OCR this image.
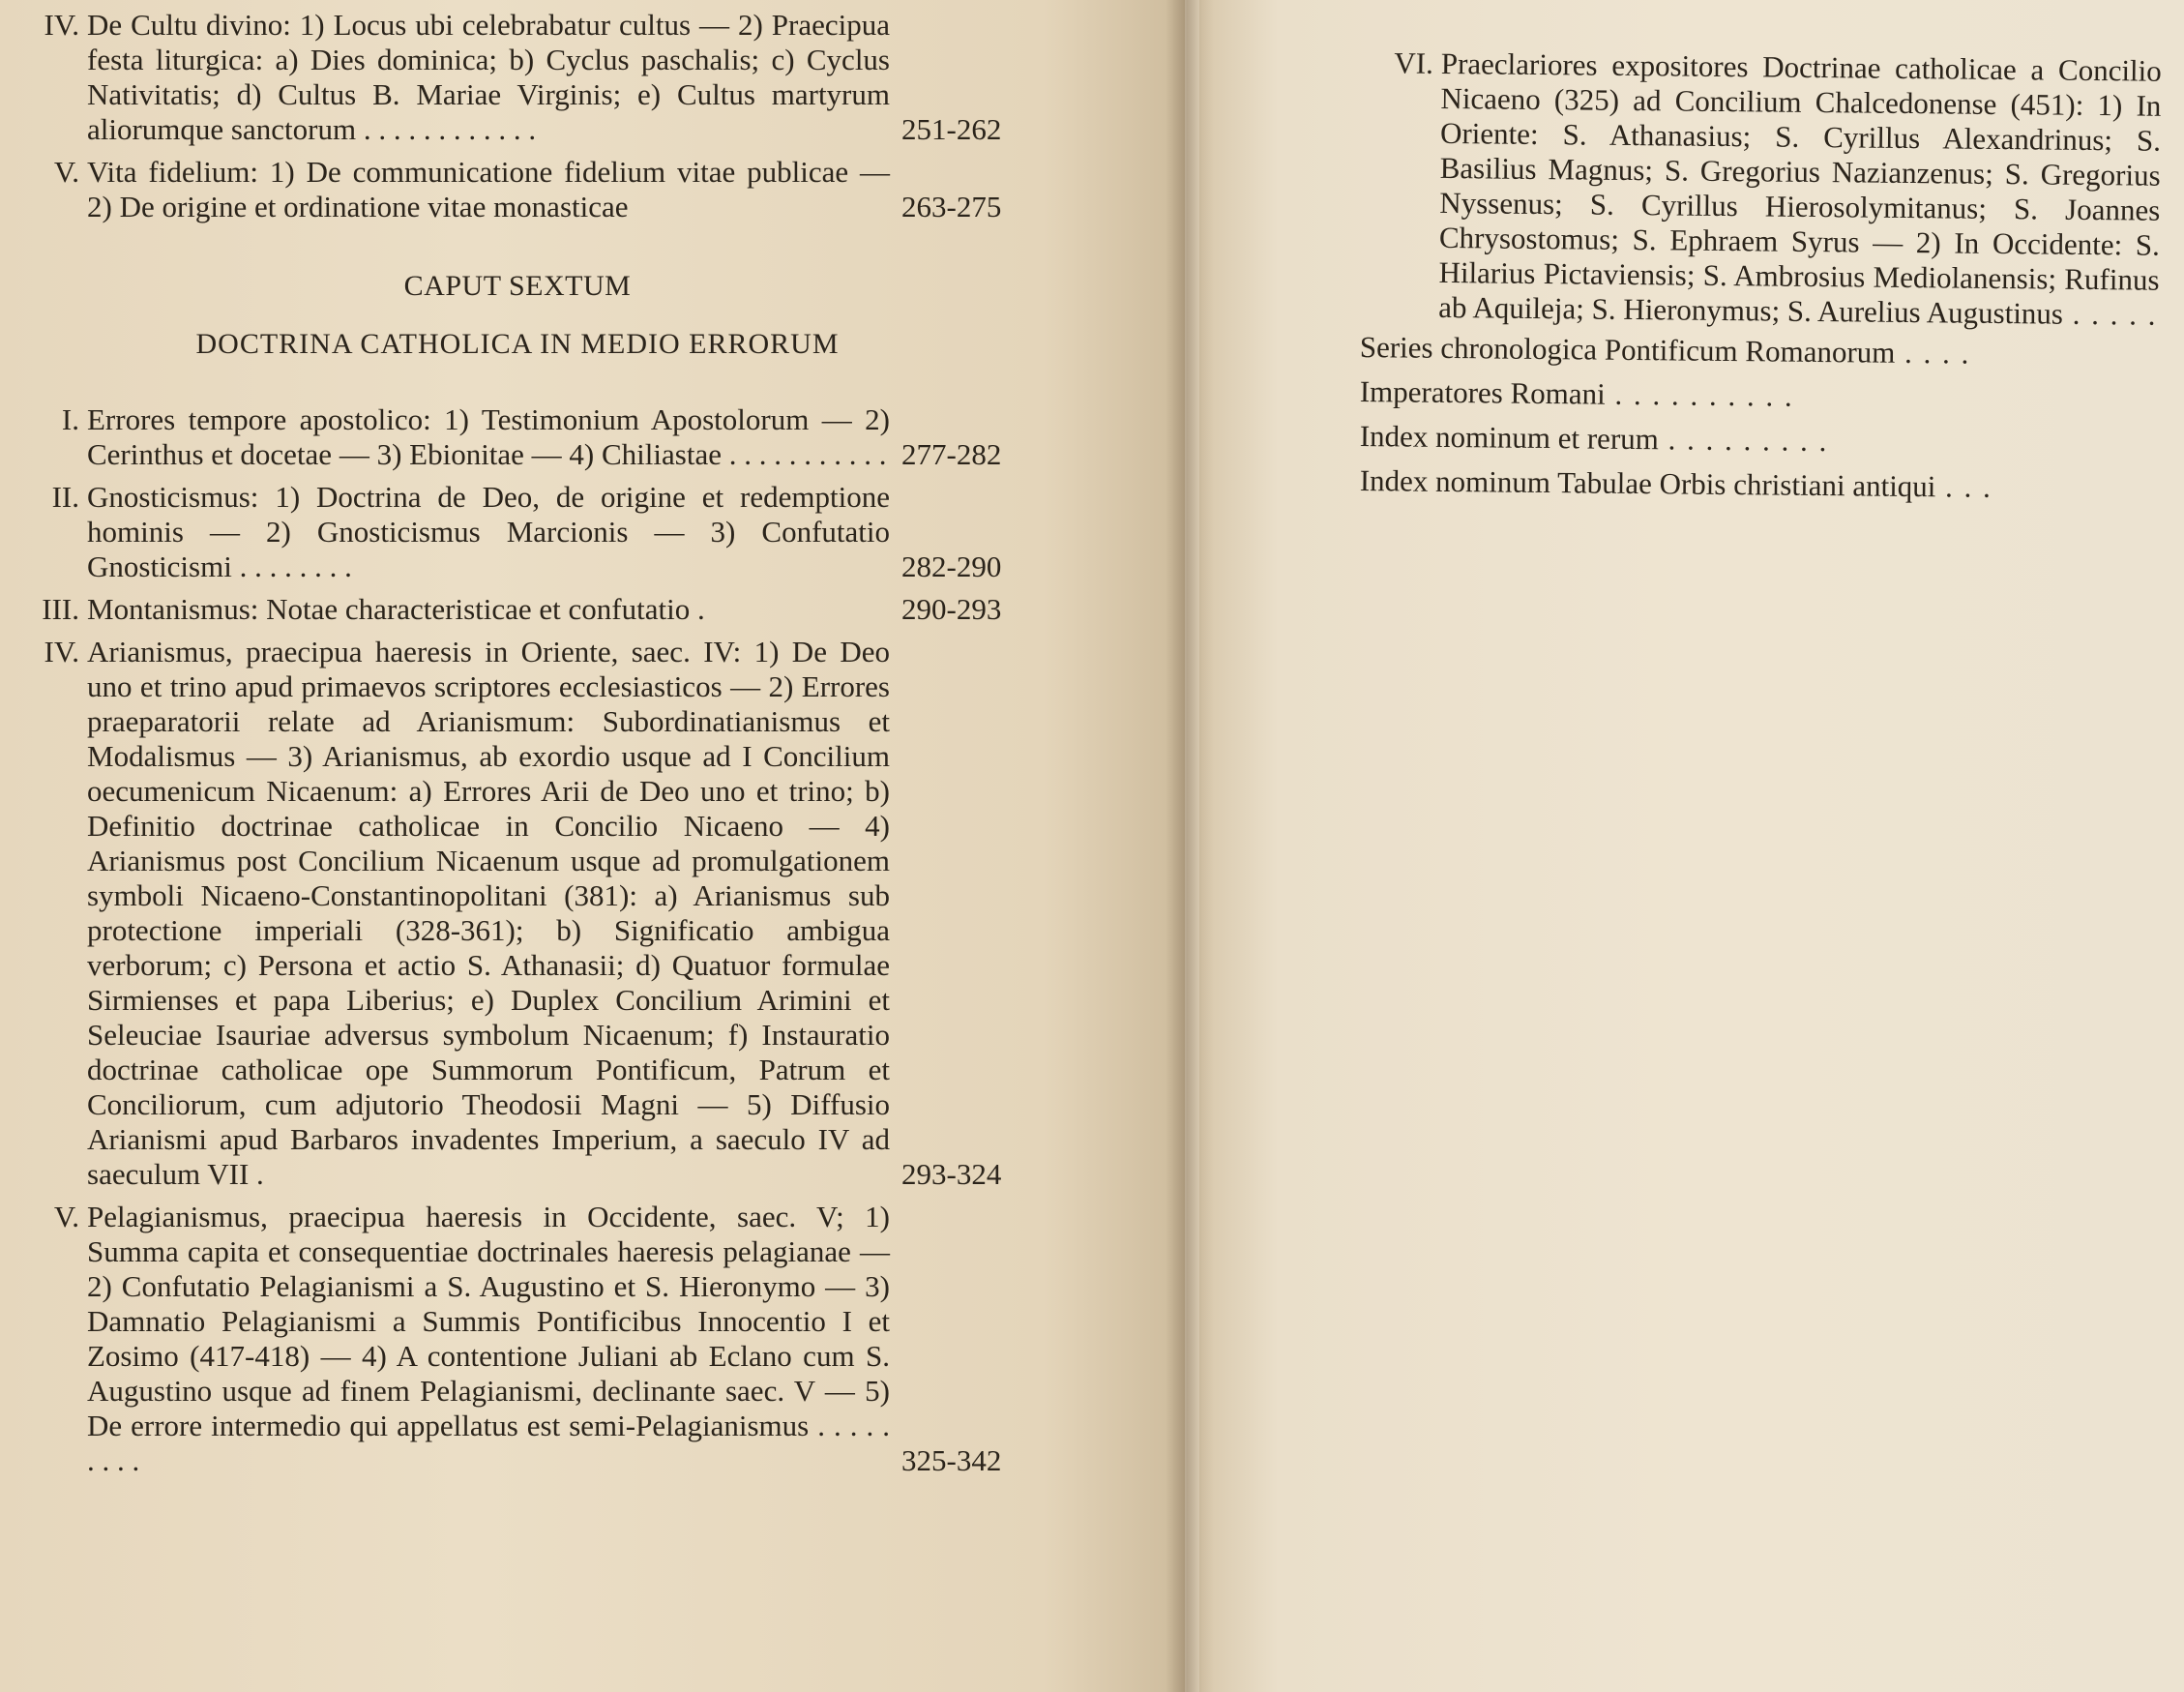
IV. De Cultu divino: 1) Locus ubi celebrabatur cultus — 2) Praecipua festa liturgica: a) Dies dominica; b) Cyclus paschalis; c) Cyclus Nativitatis; d) Cultus B. Mariae Virginis; e) Cultus martyrum aliorumque sanctorum . . . . . . . . . . . .	251-262
V. Vita fidelium: 1) De communicatione fidelium vitae publicae — 2) De origine et ordinatione vitae monasticae	263-275
CAPUT SEXTUM
DOCTRINA CATHOLICA IN MEDIO ERRORUM
I. Errores tempore apostolico: 1) Testimonium Apostolorum — 2) Cerinthus et docetae — 3) Ebionitae — 4) Chiliastae . . . . . . . . . . . 277-282
II. Gnosticismus: 1) Doctrina de Deo, de origine et redemptione hominis — 2) Gnosticismus Marcionis — 3) Confutatio Gnosticismi . . . . . . . .	282-290
III. Montanismus: Notae characteristicae et confutatio .	290-293
IV. Arianismus, praecipua haeresis in Oriente, saec. IV: 1) De Deo uno et trino apud primaevos scriptores ecclesiasticos — 2) Errores praeparatorii relate ad Arianismum: Subordinatianismus et Modalismus — 3) Arianismus, ab exordio usque ad I Concilium oecumenicum Nicaenum: a) Errores Arii de Deo uno et trino; b) Definitio doctrinae catholicae in Concilio Nicaeno — 4) Arianismus post Concilium Nicaenum usque ad promulgationem symboli Nicaeno-Constantinopolitani (381): a) Arianismus sub protectione imperiali (328-361); b) Significatio ambigua verborum; c) Persona et actio S. Athanasii; d) Quatuor formulae Sirmienses et papa Liberius; e) Duplex Concilium Arimini et Seleuciae Isauriae adversus symbolum Nicaenum; f) Instauratio doctrinae catholicae ope Summorum Pontificum, Patrum et Conciliorum, cum adjutorio Theodosii Magni — 5) Diffusio Arianismi apud Barbaros invadentes Imperium, a saeculo IV ad saeculum VII .	293-324
V. Pelagianismus, praecipua haeresis in Occidente, saec. V; 1) Summa capita et consequentiae doctrinales haeresis pelagianae — 2) Confutatio Pelagianismi a S. Augustino et S. Hieronymo — 3) Damnatio Pelagianismi a Summis Pontificibus Innocentio I et Zosimo (417-418) — 4) A contentione Juliani ab Eclano cum S. Augustino usque ad finem Pelagianismi, declinante saec. V — 5) De errore intermedio qui appellatus est semi-Pelagianismus . . . . . . . . .	325-342
VI. Praeclariores expositores Doctrinae catholicae a Concilio Nicaeno (325) ad Concilium Chalcedonense (451): 1) In Oriente: S. Athanasius; S. Cyrillus Alexandrinus; S. Basilius Magnus; S. Gregorius Nazianzenus; S. Gregorius Nyssenus; S. Cyrillus Hierosolymitanus; S. Joannes Chrysostomus; S. Ephraem Syrus — 2) In Occidente: S. Hilarius Pictaviensis; S. Ambrosius Mediolanensis; Rufinus ab Aquileja; S. Hieronymus; S. Aurelius Augustinus . . . . .
Series chronologica Pontificum Romanorum . . . .
Imperatores Romani . . . . . . . . . .
Index nominum et rerum . . . . . . . . .
Index nominum Tabulae Orbis christiani antiqui . . .
